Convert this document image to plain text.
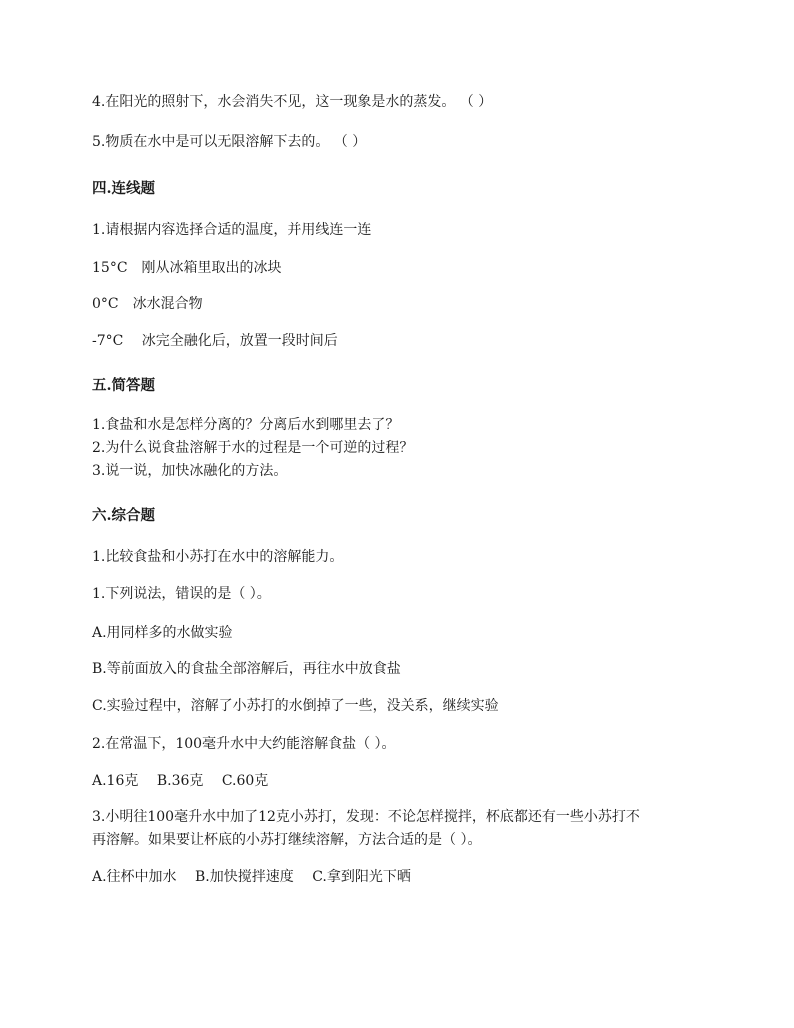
4.在阳光的照射下，水会消失不见，这一现象是水的蒸发。 （ ）
5.物质在水中是可以无限溶解下去的。 （ ）
四.连线题
1.请根据内容选择合适的温度，并用线连一连
15°C　刚从冰箱里取出的冰块
0°C　冰水混合物
-7°C　 冰完全融化后，放置一段时间后
五.简答题
1.食盐和水是怎样分离的？分离后水到哪里去了？
2.为什么说食盐溶解于水的过程是一个可逆的过程？
3.说一说，加快冰融化的方法。
六.综合题
1.比较食盐和小苏打在水中的溶解能力。
1.下列说法，错误的是（ ）。
A.用同样多的水做实验
B.等前面放入的食盐全部溶解后，再往水中放食盐
C.实验过程中，溶解了小苏打的水倒掉了一些，没关系，继续实验
2.在常温下，100毫升水中大约能溶解食盐（ ）。
A.16克　 B.36克　 C.60克
3.小明往100毫升水中加了12克小苏打，发现：不论怎样搅拌，杯底都还有一些小苏打不
再溶解。如果要让杯底的小苏打继续溶解，方法合适的是（ ）。
A.往杯中加水　 B.加快搅拌速度　 C.拿到阳光下晒
